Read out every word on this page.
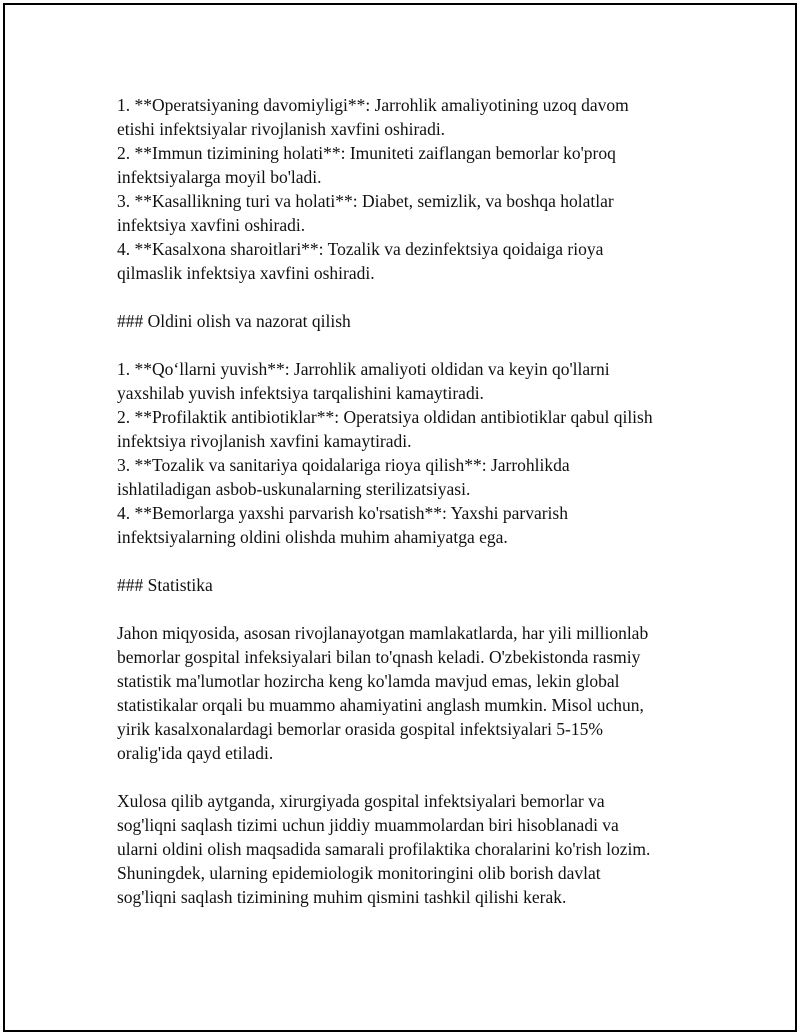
1. **Operatsiyaning davomiyligi**: Jarrohlik amaliyotining uzoq davom
etishi infektsiyalar rivojlanish xavfini oshiradi.
2. **Immun tizimining holati**: Imuniteti zaiflangan bemorlar ko'proq
infektsiyalarga moyil bo'ladi.
3. **Kasallikning turi va holati**: Diabet, semizlik, va boshqa holatlar
infektsiya xavfini oshiradi.
4. **Kasalxona sharoitlari**: Tozalik va dezinfektsiya qoidaiga rioya
qilmaslik infektsiya xavfini oshiradi.
### Oldini olish va nazorat qilish
1. **Qo‘llarni yuvish**: Jarrohlik amaliyoti oldidan va keyin qo'llarni
yaxshilab yuvish infektsiya tarqalishini kamaytiradi.
2. **Profilaktik antibiotiklar**: Operatsiya oldidan antibiotiklar qabul qilish
infektsiya rivojlanish xavfini kamaytiradi.
3. **Tozalik va sanitariya qoidalariga rioya qilish**: Jarrohlikda
ishlatiladigan asbob-uskunalarning sterilizatsiyasi.
4. **Bemorlarga yaxshi parvarish ko'rsatish**: Yaxshi parvarish
infektsiyalarning oldini olishda muhim ahamiyatga ega.
### Statistika
Jahon miqyosida, asosan rivojlanayotgan mamlakatlarda, har yili millionlab
bemorlar gospital infeksiyalari bilan to'qnash keladi. O'zbekistonda rasmiy
statistik ma'lumotlar hozircha keng ko'lamda mavjud emas, lekin global
statistikalar orqali bu muammo ahamiyatini anglash mumkin. Misol uchun,
yirik kasalxonalardagi bemorlar orasida gospital infektsiyalari 5-15%
oralig'ida qayd etiladi.
Xulosa qilib aytganda, xirurgiyada gospital infektsiyalari bemorlar va
sog'liqni saqlash tizimi uchun jiddiy muammolardan biri hisoblanadi va
ularni oldini olish maqsadida samarali profilaktika choralarini ko'rish lozim.
Shuningdek, ularning epidemiologik monitoringini olib borish davlat
sog'liqni saqlash tizimining muhim qismini tashkil qilishi kerak.
